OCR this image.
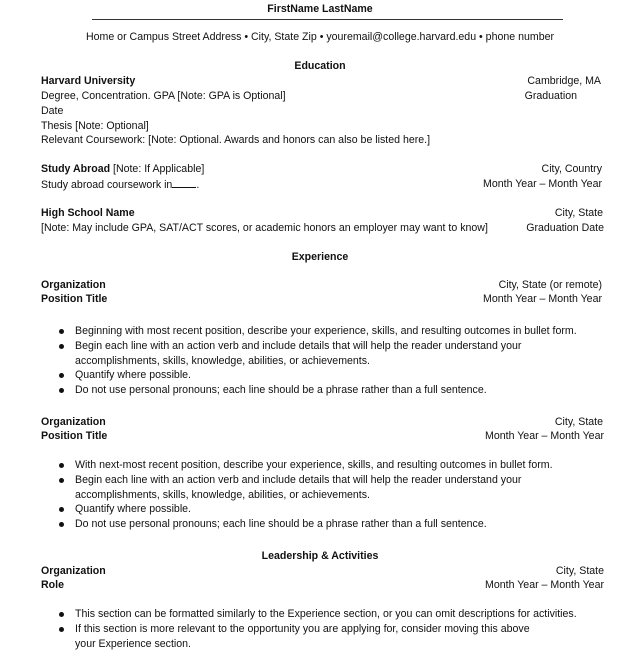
FirstName LastName
Home or Campus Street Address • City, State Zip • youremail@college.harvard.edu • phone number
Education
Harvard University	Cambridge, MA
Degree, Concentration. GPA [Note: GPA is Optional]	Graduation
Date
Thesis [Note: Optional]
Relevant Coursework: [Note: Optional. Awards and honors can also be listed here.]
Study Abroad [Note: If Applicable]	City, Country
Study abroad coursework in .	Month Year – Month Year
High School Name	City, State
[Note: May include GPA, SAT/ACT scores, or academic honors an employer may want to know]	Graduation Date
Experience
Organization	City, State (or remote)
Position Title	Month Year – Month Year
Beginning with most recent position, describe your experience, skills, and resulting outcomes in bullet form.
Begin each line with an action verb and include details that will help the reader understand your
accomplishments, skills, knowledge, abilities, or achievements.
Quantify where possible.
Do not use personal pronouns; each line should be a phrase rather than a full sentence.
Organization	City, State
Position Title	Month Year – Month Year
With next-most recent position, describe your experience, skills, and resulting outcomes in bullet form.
Begin each line with an action verb and include details that will help the reader understand your
accomplishments, skills, knowledge, abilities, or achievements.
Quantify where possible.
Do not use personal pronouns; each line should be a phrase rather than a full sentence.
Leadership & Activities
Organization	City, State
Role	Month Year – Month Year
This section can be formatted similarly to the Experience section, or you can omit descriptions for activities.
If this section is more relevant to the opportunity you are applying for, consider moving this above
your Experience section.
